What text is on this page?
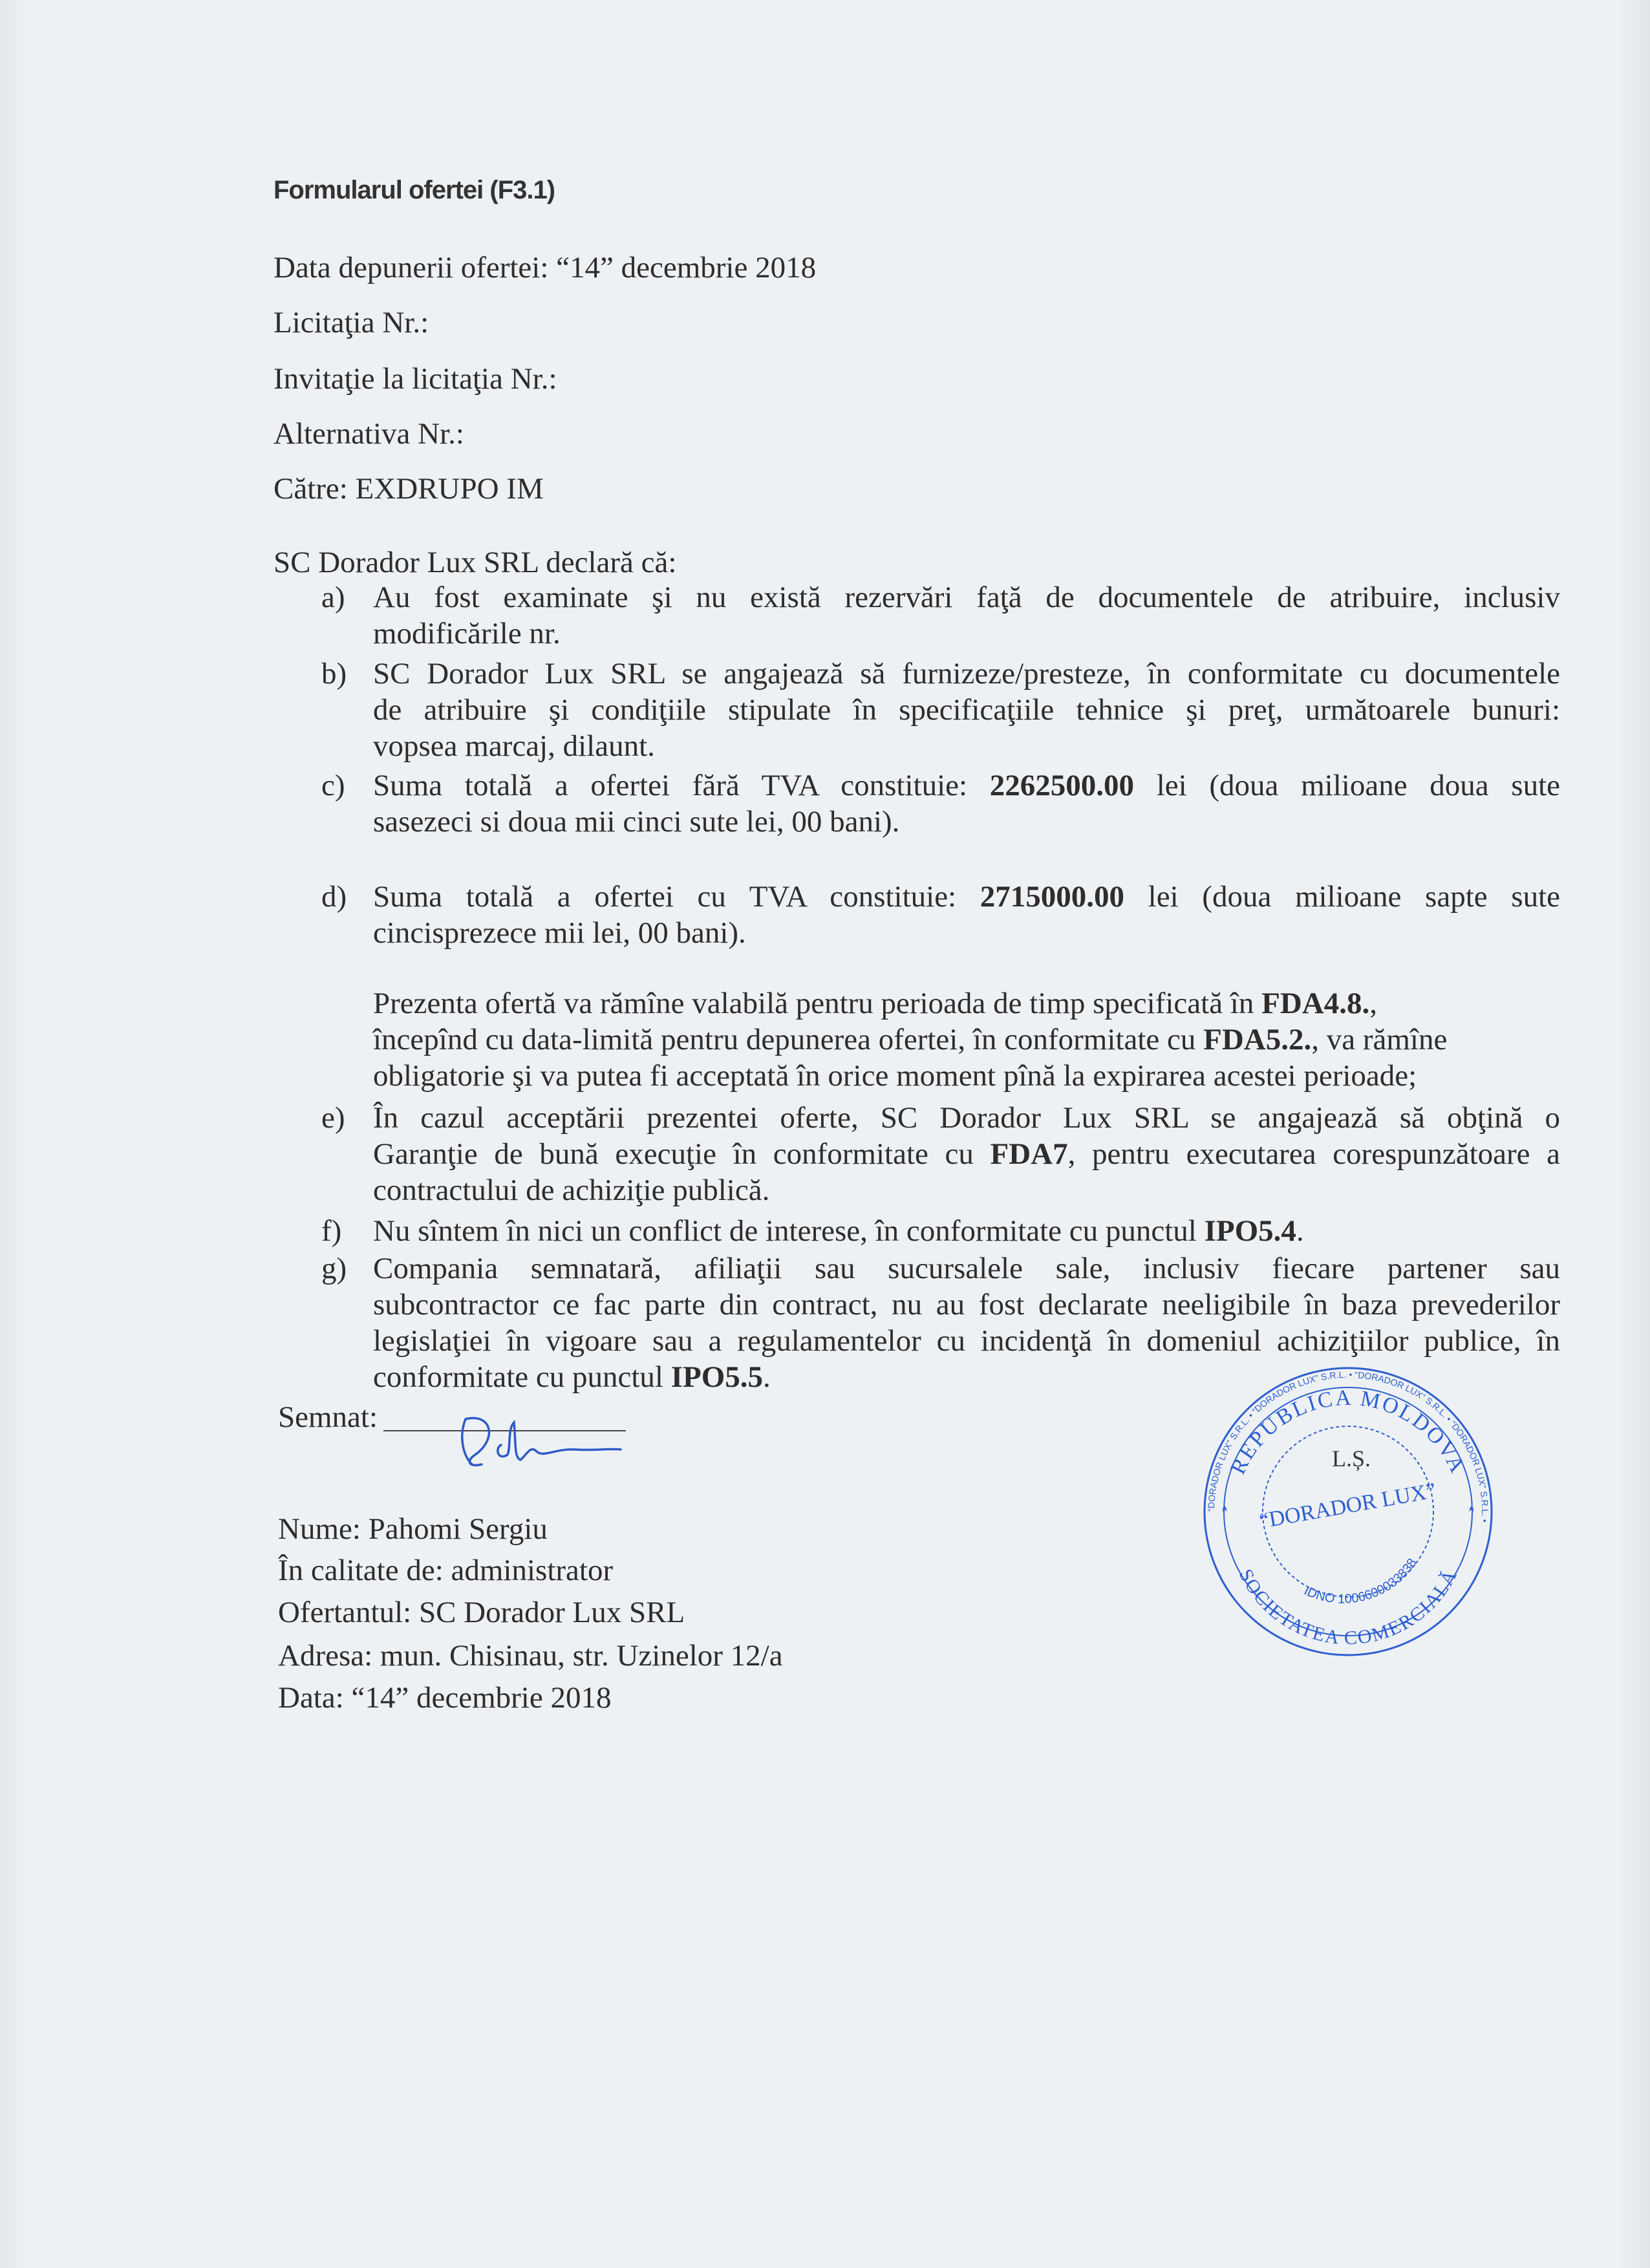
Formularul ofertei (F3.1)
Data depunerii ofertei: “14” decembrie 2018
Licitaţia Nr.:
Invitaţie la licitaţia Nr.:
Alternativa Nr.:
Către: EXDRUPO IM
SC Dorador Lux SRL declară că:
a) Au fost examinate şi nu există rezervări faţă de documentele de atribuire, inclusiv
modificările nr.
b) SC Dorador Lux SRL se angajează să furnizeze/presteze, în conformitate cu documentele
de atribuire şi condiţiile stipulate în specificaţiile tehnice şi preţ, următoarele bunuri:
vopsea marcaj, dilaunt.
c) Suma totală a ofertei fără TVA constituie: 2262500.00 lei (doua milioane doua sute
sasezeci si doua mii cinci sute lei, 00 bani).
d) Suma totală a ofertei cu TVA constituie: 2715000.00 lei (doua milioane sapte sute
cincisprezece mii lei, 00 bani).
Prezenta ofertă va rămîne valabilă pentru perioada de timp specificată în FDA4.8.,
începînd cu data-limită pentru depunerea ofertei, în conformitate cu FDA5.2., va rămîne
obligatorie şi va putea fi acceptată în orice moment pînă la expirarea acestei perioade;
e) În cazul acceptării prezentei oferte, SC Dorador Lux SRL se angajează să obţină o
Garanţie de bună execuţie în conformitate cu FDA7, pentru executarea corespunzătoare a
contractului de achiziţie publică.
f) Nu sîntem în nici un conflict de interese, în conformitate cu punctul IPO5.4.
g) Compania semnatară, afiliaţii sau sucursalele sale, inclusiv fiecare partener sau
subcontractor ce fac parte din contract, nu au fost declarate neeligibile în baza prevederilor
legislaţiei în vigoare sau a regulamentelor cu incidenţă în domeniul achiziţiilor publice, în
conformitate cu punctul IPO5.5.
Semnat:
Nume: Pahomi Sergiu
În calitate de: administrator
Ofertantul: SC Dorador Lux SRL
Adresa: mun. Chisinau, str. Uzinelor 12/a
Data: “14” decembrie 2018
“DORADOR LUX” S.R.L. • “DORADOR LUX” S.R.L. • “DORADOR LUX” S.R.L. • “DORADOR LUX” S.R.L. •
REPUBLICA MOLDOVA
SOCIETATEA COMERCIALĂ
IDNO 1006600033838
“DORADOR LUX”
L.Ș.
